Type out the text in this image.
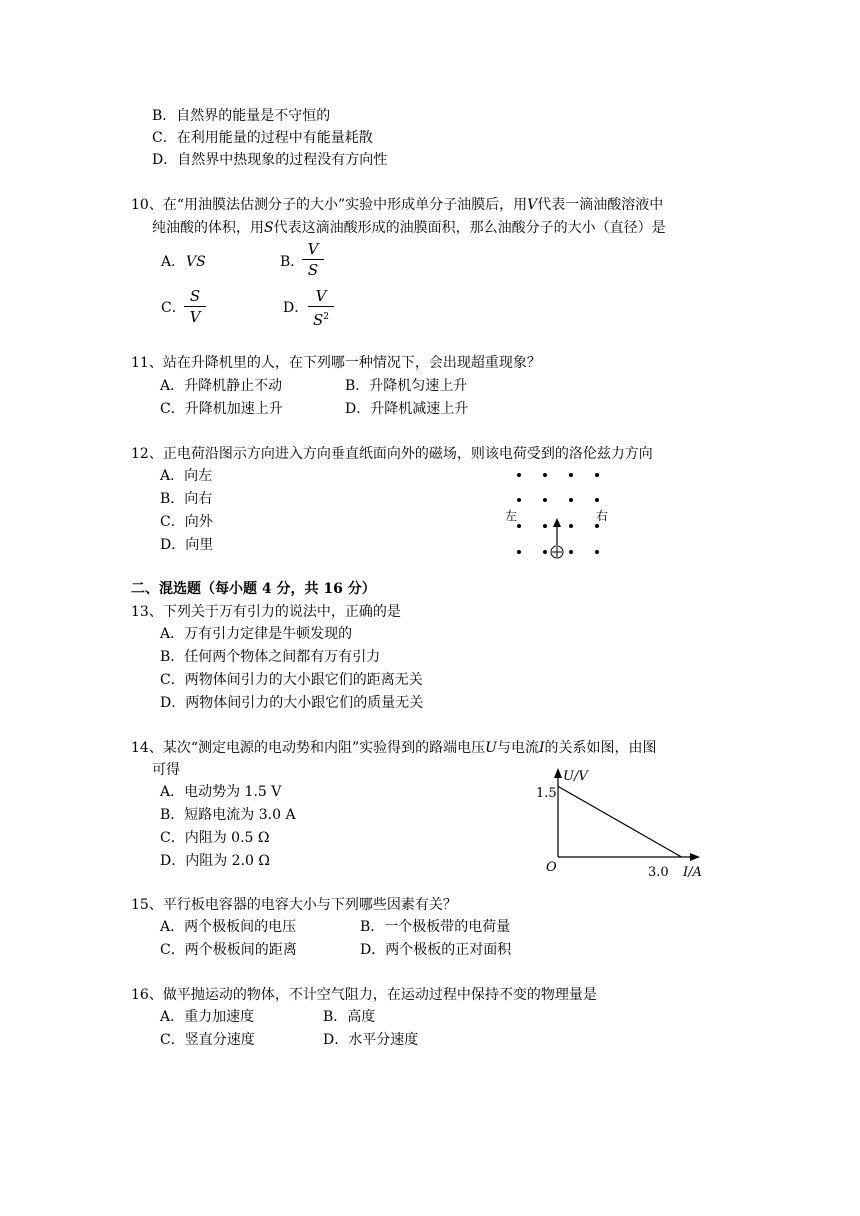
B．自然界的能量是不守恒的
C．在利用能量的过程中有能量耗散
D．自然界中热现象的过程没有方向性
10、在“用油膜法估测分子的大小”实验中形成单分子油膜后，用V代表一滴油酸溶液中
纯油酸的体积，用S代表这滴油酸形成的油膜面积，那么油酸分子的大小（直径）是
A． VS	B．
V
S
C．
S
V	D．
V
$S^2$
11、站在升降机里的人，在下列哪一种情况下，会出现超重现象？
A．升降机静止不动	B．升降机匀速上升
C．升降机加速上升	D．升降机减速上升
12、正电荷沿图示方向进入方向垂直纸面向外的磁场，则该电荷受到的洛伦兹力方向
A．向左
B．向右
C．向外
D．向里
左	右
二、混选题（每小题 4 分，共 16 分）
13、下列关于万有引力的说法中，正确的是
A．万有引力定律是牛顿发现的
B．任何两个物体之间都有万有引力
C．两物体间引力的大小跟它们的距离无关
D．两物体间引力的大小跟它们的质量无关
14、某次“测定电源的电动势和内阻”实验得到的路端电压U与电流I的关系如图，由图
可得
A．电动势为 1.5 V
B．短路电流为 3.0 A
C．内阻为 0.5 Ω
D．内阻为 2.0 Ω
1.5
3.0
O
U/V
I/A
15、平行板电容器的电容大小与下列哪些因素有关？
A．两个极板间的电压	B．一个极板带的电荷量
C．两个极板间的距离	D．两个极板的正对面积
16、做平抛运动的物体，不计空气阻力，在运动过程中保持不变的物理量是
A．重力加速度	B．高度
C．竖直分速度	D．水平分速度
